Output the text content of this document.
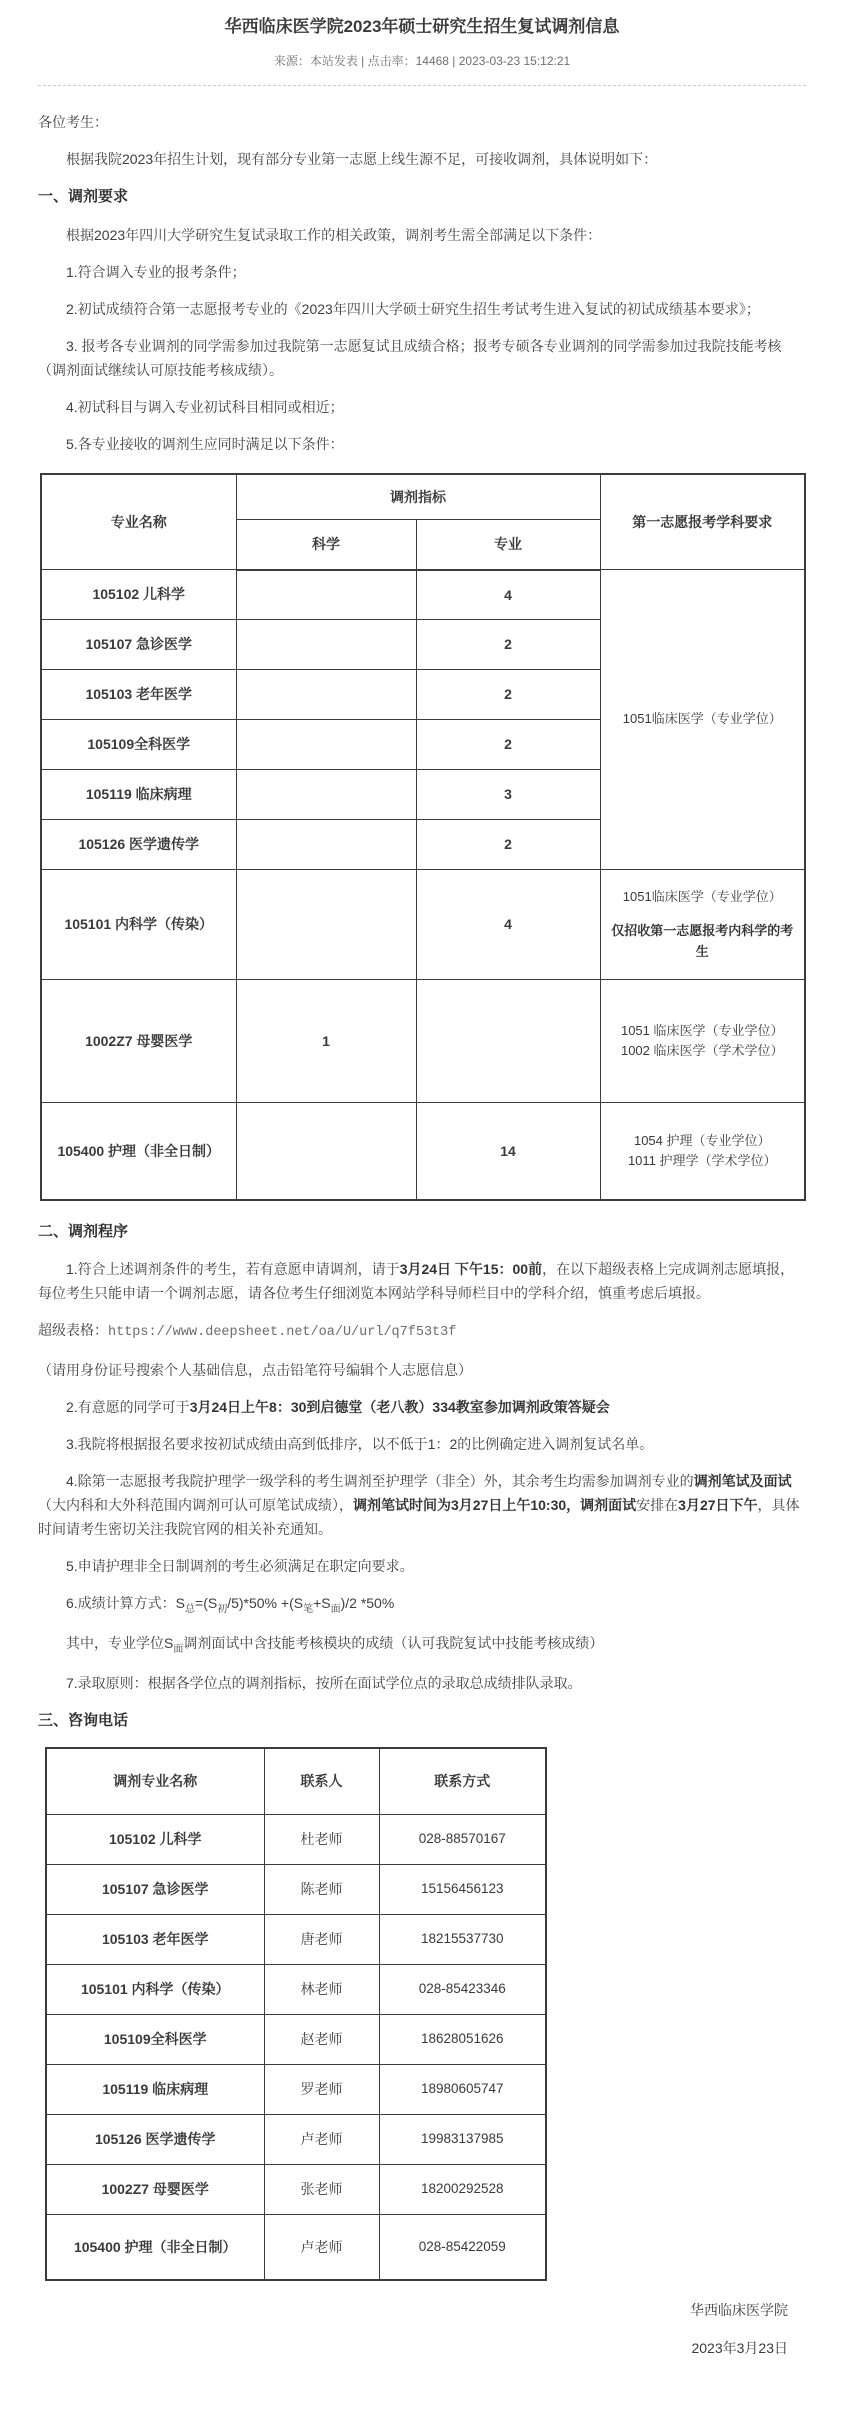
华西临床医学院2023年硕士研究生招生复试调剂信息
来源：本站发表 | 点击率：14468 | 2023-03-23 15:12:21

各位考生：

根据我院2023年招生计划，现有部分专业第一志愿上线生源不足，可接收调剂，具体说明如下：

一、调剂要求

根据2023年四川大学研究生复试录取工作的相关政策，调剂考生需全部满足以下条件：

1.符合调入专业的报考条件；

2.初试成绩符合第一志愿报考专业的《2023年四川大学硕士研究生招生考试考生进入复试的初试成绩基本要求》；

3. 报考各专业调剂的同学需参加过我院第一志愿复试且成绩合格；报考专硕各专业调剂的同学需参加过我院技能考核（调剂面试继续认可原技能考核成绩）。

4.初试科目与调入专业初试科目相同或相近；

5.各专业接收的调剂生应同时满足以下条件：

专业名称	调剂指标		第一志愿报考学科要求
	科学	专业	
105102 儿科学		4	1051临床医学（专业学位）
105107 急诊医学		2	
105103 老年医学		2	
105109全科医学		2	
105119 临床病理		3	
105126 医学遗传学		2	
105101 内科学（传染）		4	1051临床医学（专业学位）
仅招收第一志愿报考内科学的考生

1002Z7 母婴医学	1		1051 临床医学（专业学位）
1002 临床医学（学术学位）

105400 护理（非全日制）		14	1054 护理（专业学位）
1011 护理学（学术学位）

二、调剂程序

1.符合上述调剂条件的考生，若有意愿申请调剂，请于3月24日 下午15：00前，在以下超级表格上完成调剂志愿填报，每位考生只能申请一个调剂志愿，请各位考生仔细浏览本网站学科导师栏目中的学科介绍，慎重考虑后填报。

超级表格：https://www.deepsheet.net/oa/U/url/q7f53t3f

（请用身份证号搜索个人基础信息，点击铅笔符号编辑个人志愿信息）

2.有意愿的同学可于3月24日上午8：30到启德堂（老八教）334教室参加调剂政策答疑会

3.我院将根据报名要求按初试成绩由高到低排序，以不低于1：2的比例确定进入调剂复试名单。

4.除第一志愿报考我院护理学一级学科的考生调剂至护理学（非全）外，其余考生均需参加调剂专业的调剂笔试及面试（大内科和大外科范围内调剂可认可原笔试成绩），调剂笔试时间为3月27日上午10:30，调剂面试安排在3月27日下午，具体时间请考生密切关注我院官网的相关补充通知。

5.申请护理非全日制调剂的考生必须满足在职定向要求。

6.成绩计算方式：$S_总=(S_初/5)*50\% +(S_笔+S_面)/2$ *50%

其中，专业学位$S_面$调剂面试中含技能考核模块的成绩（认可我院复试中技能考核成绩）

7.录取原则：根据各学位点的调剂指标，按所在面试学位点的录取总成绩排队录取。

三、咨询电话

调剂专业名称	联系人	联系方式
105102 儿科学	杜老师	028-88570167
105107 急诊医学	陈老师	15156456123
105103 老年医学	唐老师	18215537730
105101 内科学（传染）	林老师	028-85423346
105109全科医学	赵老师	18628051626
105119 临床病理	罗老师	18980605747
105126 医学遗传学	卢老师	19983137985
1002Z7 母婴医学	张老师	18200292528
105400 护理（非全日制）	卢老师	028-85422059

华西临床医学院

2023年3月23日
